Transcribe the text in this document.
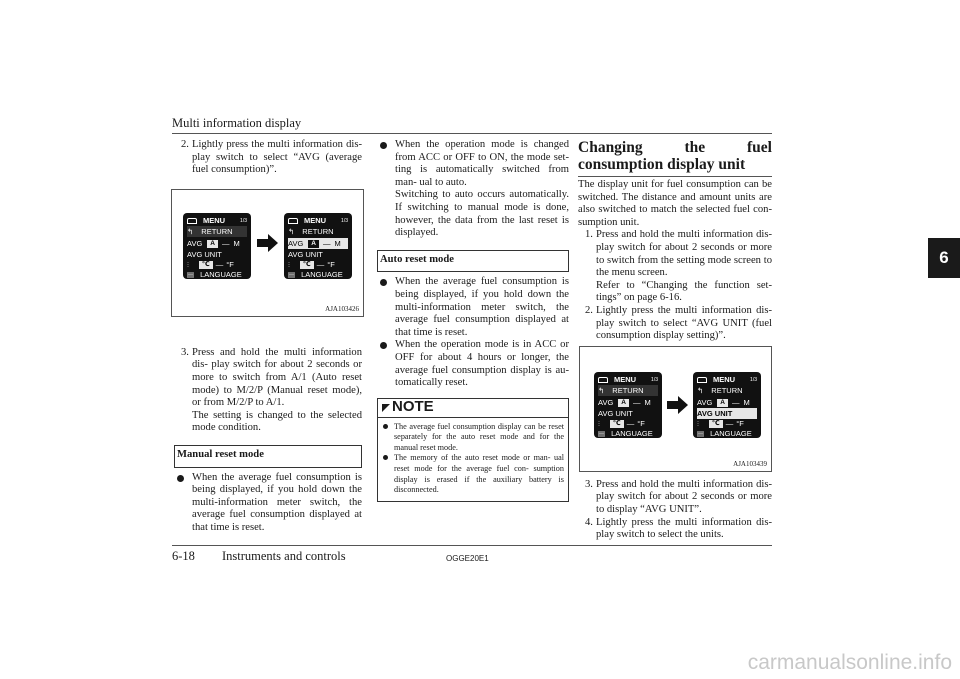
Multi information display
6
2. Lightly press the multi information dis- play switch to select “AVG (average fuel consumption)”.

3. Press and hold the multi information dis- play switch for about 2 seconds or more to switch from A/1 (Auto reset mode) to M/2/P (Manual reset mode), or from M/2/P to A/1.

The setting is changed to the selected mode condition.

Manual reset mode

When the average fuel consumption is being displayed, if you hold down the multi-information meter switch, the average fuel consumption displayed at that time is reset.

MENU	1/3
↰ RETURN
AVG	A — M
AVG UNIT
⫶	℃ — °F
▤ LANGUAGE
MENU	1/3
↰ RETURN
AVG	A — M
AVG UNIT
⫶	℃ — °F
▤ LANGUAGE
AJA103426

When the operation mode is changed from ACC or OFF to ON, the mode set- ting is automatically switched from man- ual to auto.

Switching to auto occurs automatically. If switching to manual mode is done, however, the data from the last reset is displayed.

Auto reset mode

When the average fuel consumption is being displayed, if you hold down the multi-information meter switch, the average fuel consumption displayed at that time is reset.

When the operation mode is in ACC or OFF for about 4 hours or longer, the average fuel consumption display is au- tomatically reset.

NOTE

The average fuel consumption display can be reset separately for the auto reset mode and for the manual reset mode.

The memory of the auto reset mode or man- ual reset mode for the average fuel con- sumption display is erased if the auxiliary battery is disconnected.

Changing the fuel consumption display unit

The display unit for fuel consumption can be switched. The distance and amount units are also switched to match the selected fuel con- sumption unit.

1. Press and hold the multi information dis- play switch for about 2 seconds or more to switch from the setting mode screen to the menu screen.

Refer to “Changing the function set- tings” on page 6-16.

2. Lightly press the multi information dis- play switch to select “AVG UNIT (fuel consumption display setting)”.

3. Press and hold the multi information dis- play switch for about 2 seconds or more to display “AVG UNIT”.

4. Lightly press the multi information dis- play switch to select the units.

MENU	1/3
↰ RETURN
AVG	A — M
AVG UNIT
⫶	℃ — °F
▤ LANGUAGE
MENU	1/3
↰ RETURN
AVG	A — M
AVG UNIT
⫶	℃ — °F
▤ LANGUAGE
AJA103439
6-18 Instruments and controls	OGGE20E1
carmanualsonline.info
